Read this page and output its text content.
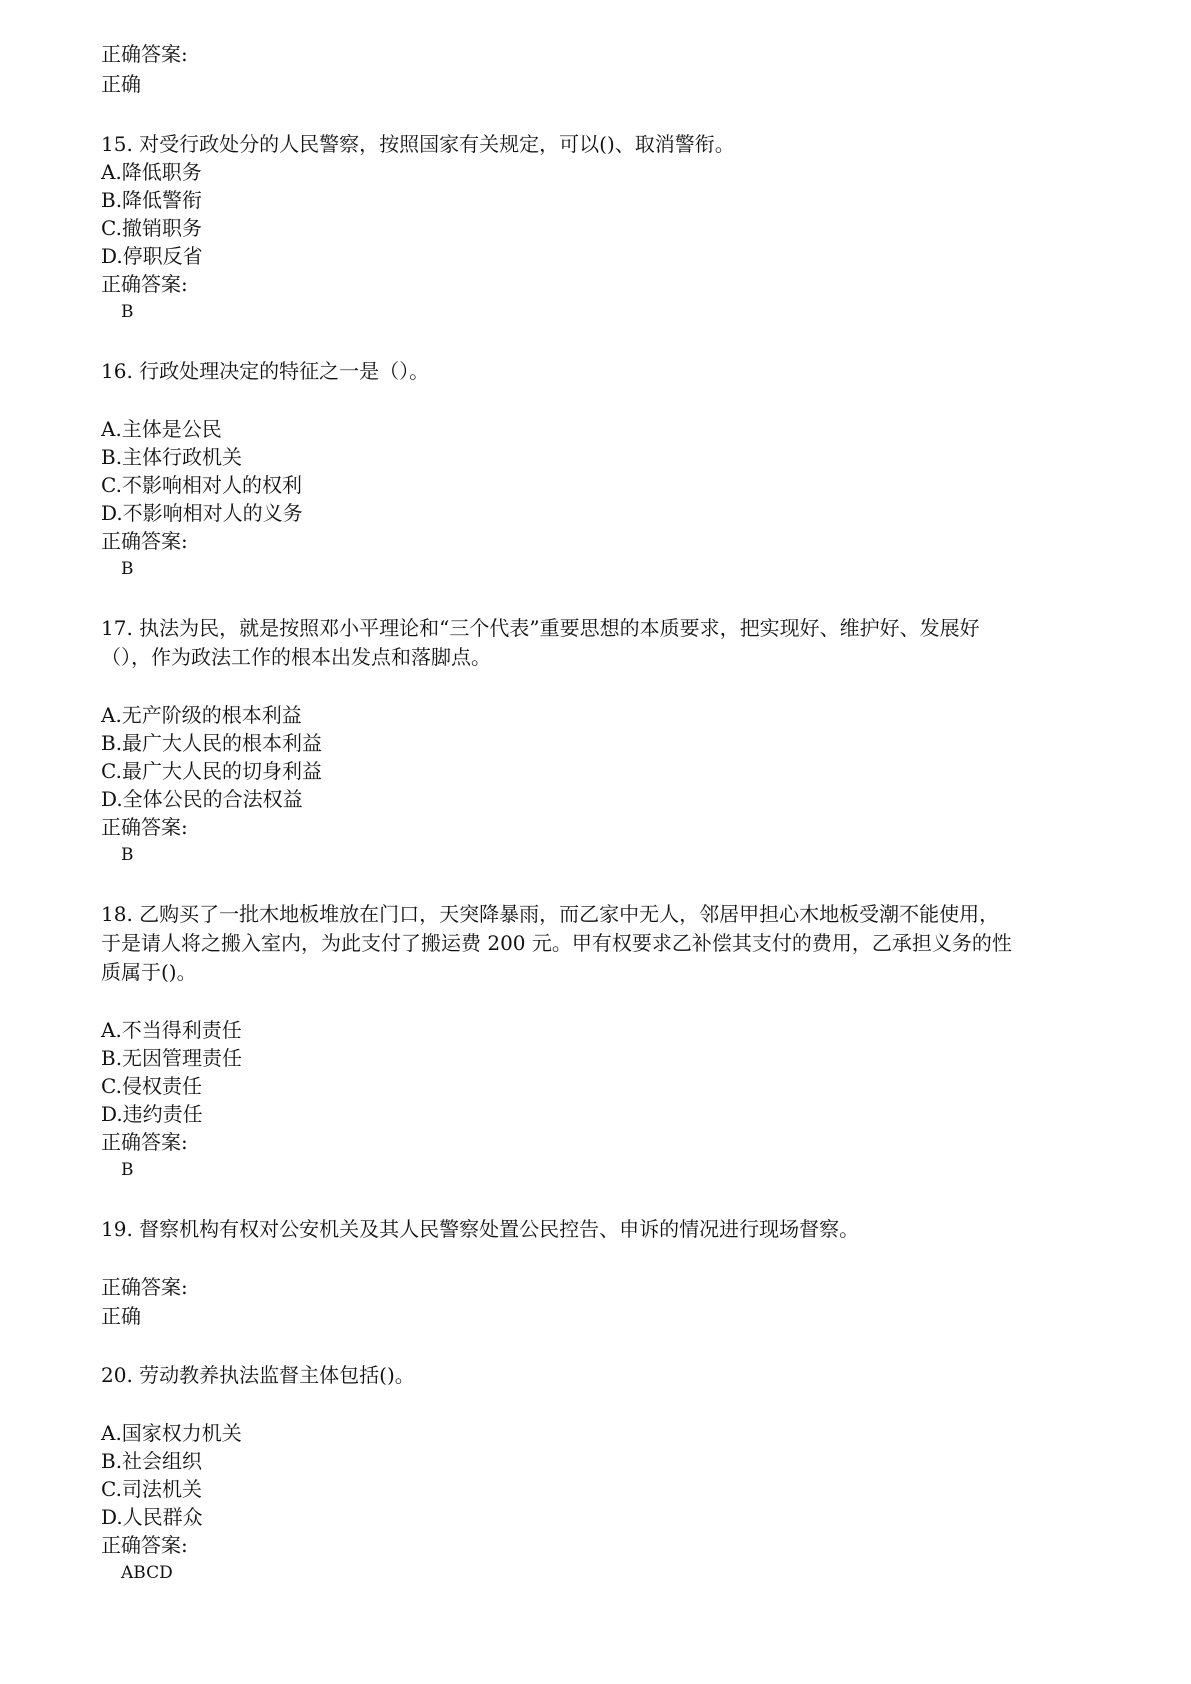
正确答案:
正确
15. 对受行政处分的人民警察，按照国家有关规定，可以()、取消警衔。
A.降低职务
B.降低警衔
C.撤销职务
D.停职反省
正确答案:
B
16. 行政处理决定的特征之一是（）。
A.主体是公民
B.主体行政机关
C.不影响相对人的权利
D.不影响相对人的义务
正确答案:
B
17. 执法为民，就是按照邓小平理论和“三个代表”重要思想的本质要求，把实现好、维护好、发展好
（），作为政法工作的根本出发点和落脚点。
A.无产阶级的根本利益
B.最广大人民的根本利益
C.最广大人民的切身利益
D.全体公民的合法权益
正确答案:
B
18. 乙购买了一批木地板堆放在门口，天突降暴雨，而乙家中无人，邻居甲担心木地板受潮不能使用，
于是请人将之搬入室内，为此支付了搬运费 200 元。甲有权要求乙补偿其支付的费用，乙承担义务的性
质属于()。
A.不当得利责任
B.无因管理责任
C.侵权责任
D.违约责任
正确答案:
B
19. 督察机构有权对公安机关及其人民警察处置公民控告、申诉的情况进行现场督察。
正确答案:
正确
20. 劳动教养执法监督主体包括()。
A.国家权力机关
B.社会组织
C.司法机关
D.人民群众
正确答案:
ABCD
